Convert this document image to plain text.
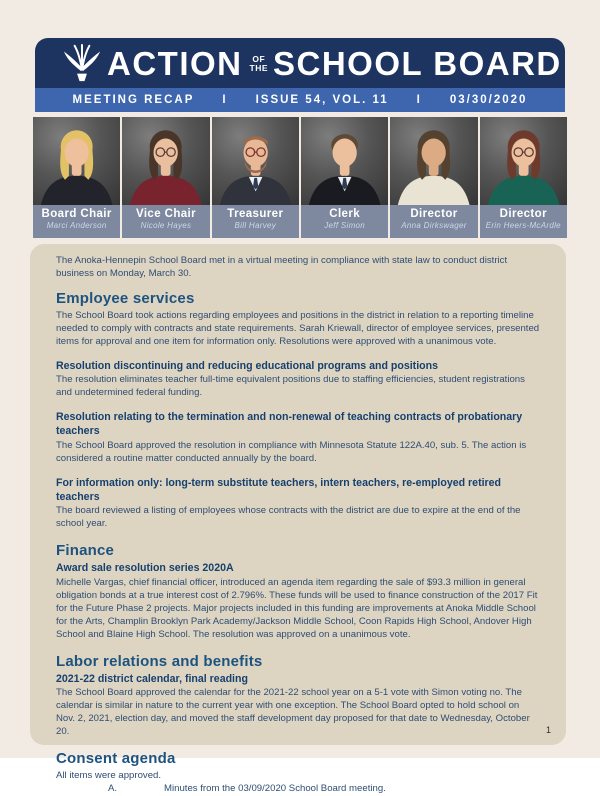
ACTION OF
THE SCHOOL BOARD
MEETING RECAP I ISSUE 54, VOL. 11 I 03/30/2020
Board Chair
Marci Anderson
Vice Chair
Nicole Hayes
Treasurer
Bill Harvey
Clerk
Jeff Simon
Director
Anna Dirkswager
Director
Erin Heers-McArdle

The Anoka-Hennepin School Board met in a virtual meeting in compliance with state law to conduct district business on Monday, March 30.

Employee services

The School Board took actions regarding employees and positions in the district in relation to a reporting timeline needed to comply with contracts and state requirements. Sarah Kriewall, director of employee services, presented items for approval and one item for information only. Resolutions were approved with a unanimous vote.

Resolution discontinuing and reducing educational programs and positions

The resolution eliminates teacher full-time equivalent positions due to staffing efficiencies, student registrations and undetermined federal funding.

Resolution relating to the termination and non-renewal of teaching contracts of probationary teachers

The School Board approved the resolution in compliance with Minnesota Statute 122A.40, sub. 5. The action is considered a routine matter conducted annually by the board.

For information only: long-term substitute teachers, intern teachers, re-employed retired teachers

The board reviewed a listing of employees whose contracts with the district are due to expire at the end of the school year.

Finance
Award sale resolution series 2020A

Michelle Vargas, chief financial officer, introduced an agenda item regarding the sale of $93.3 million in general obligation bonds at a true interest cost of 2.796%. These funds will be used to finance construction of the 2017 Fit for the Future Phase 2 projects. Major projects included in this funding are improvements at Anoka Middle School for the Arts, Champlin Brooklyn Park Academy/Jackson Middle School, Coon Rapids High School, Andover High School and Blaine High School. The resolution was approved on a unanimous vote.

Labor relations and benefits
2021-22 district calendar, final reading

The School Board approved the calendar for the 2021-22 school year on a 5-1 vote with Simon voting no. The calendar is similar in nature to the current year with one exception. The School Board opted to hold school on Nov. 2, 2021, election day, and moved the staff development day proposed for that date to Wednesday, October 20.

Consent agenda

All items were approved.

A.	Minutes from the 03/09/2020 School Board meeting.

1
